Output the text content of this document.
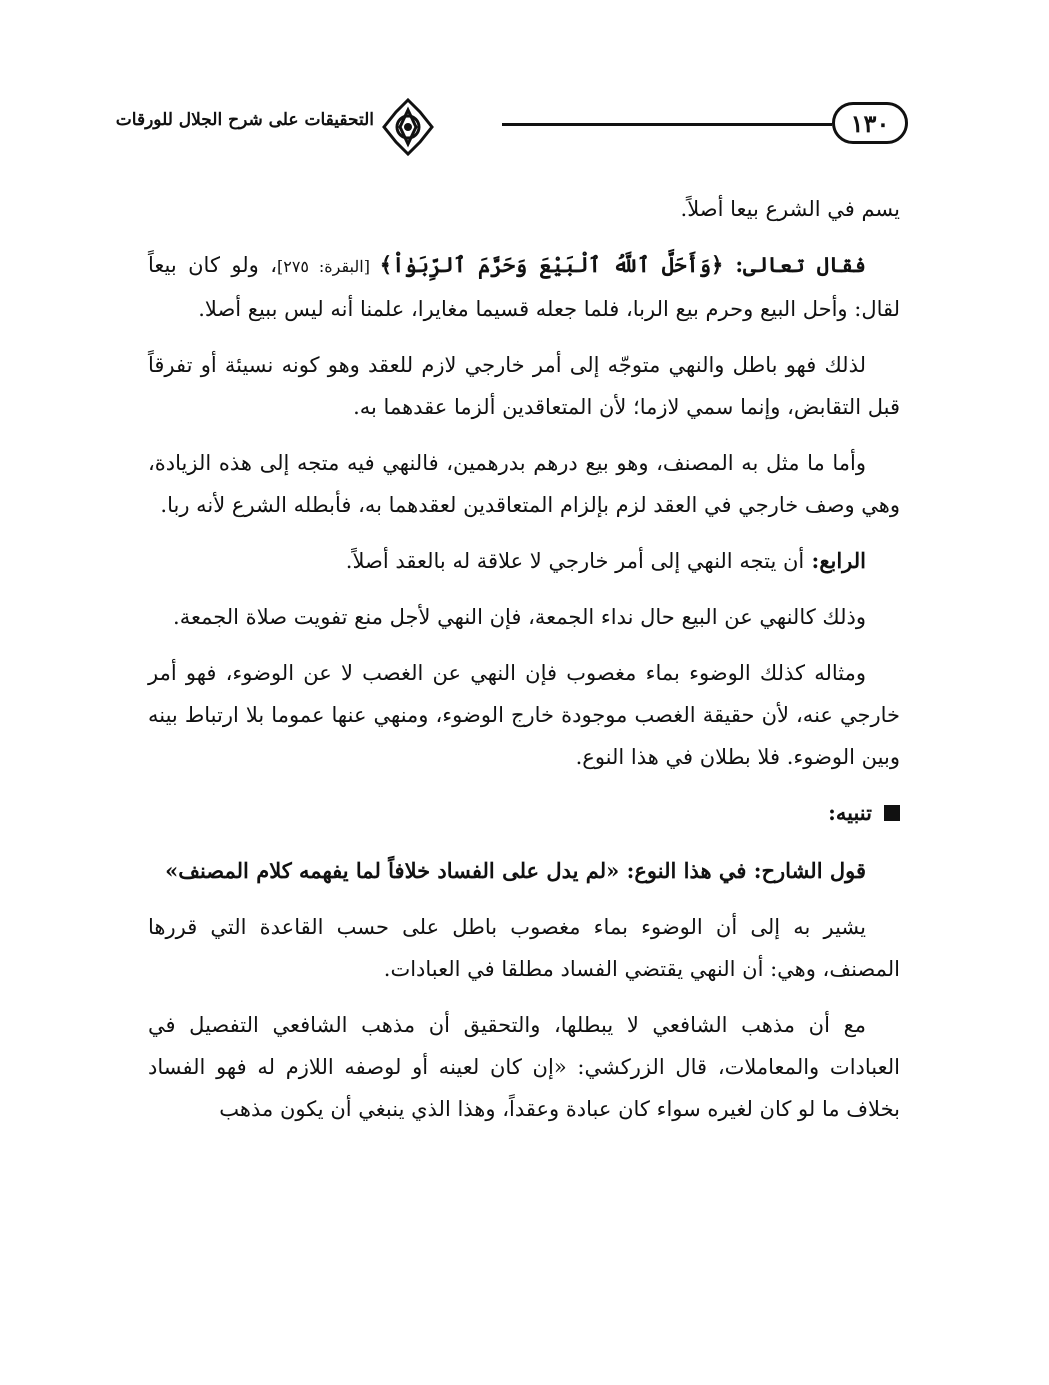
١٣٠
التحقيقات على شرح الجلال للورقات

يسم في الشرع بيعا أصلاً.

فقال تعالى: ﴿وَأَحَلَّ ٱللَّهُ ٱلْبَيْعَ وَحَرَّمَ ٱلرِّبَوٰاْ﴾ [البقرة: ٢٧٥]، ولو كان بيعاً لقال: وأحل البيع وحرم بيع الربا، فلما جعله قسيما مغايرا، علمنا أنه ليس ببيع أصلا.

لذلك فهو باطل والنهي متوجّه إلى أمر خارجي لازم للعقد وهو كونه نسيئة أو تفرقاً قبل التقابض، وإنما سمي لازما؛ لأن المتعاقدين ألزما عقدهما به.

وأما ما مثل به المصنف، وهو بيع درهم بدرهمين، فالنهي فيه متجه إلى هذه الزيادة، وهي وصف خارجي في العقد لزم بإلزام المتعاقدين لعقدهما به، فأبطله الشرع لأنه ربا.

الرابع: أن يتجه النهي إلى أمر خارجي لا علاقة له بالعقد أصلاً.

وذلك كالنهي عن البيع حال نداء الجمعة، فإن النهي لأجل منع تفويت صلاة الجمعة.

ومثاله كذلك الوضوء بماء مغصوب فإن النهي عن الغصب لا عن الوضوء، فهو أمر خارجي عنه، لأن حقيقة الغصب موجودة خارج الوضوء، ومنهي عنها عموما بلا ارتباط بينه وبين الوضوء. فلا بطلان في هذا النوع.

تنبيه:

قول الشارح: في هذا النوع: «لم يدل على الفساد خلافاً لما يفهمه كلام المصنف»

يشير به إلى أن الوضوء بماء مغصوب باطل على حسب القاعدة التي قررها المصنف، وهي: أن النهي يقتضي الفساد مطلقا في العبادات.

مع أن مذهب الشافعي لا يبطلها، والتحقيق أن مذهب الشافعي التفصيل في العبادات والمعاملات، قال الزركشي: «إن كان لعينه أو لوصفه اللازم له فهو الفساد بخلاف ما لو كان لغيره سواء كان عبادة وعقداً، وهذا الذي ينبغي أن يكون مذهب
